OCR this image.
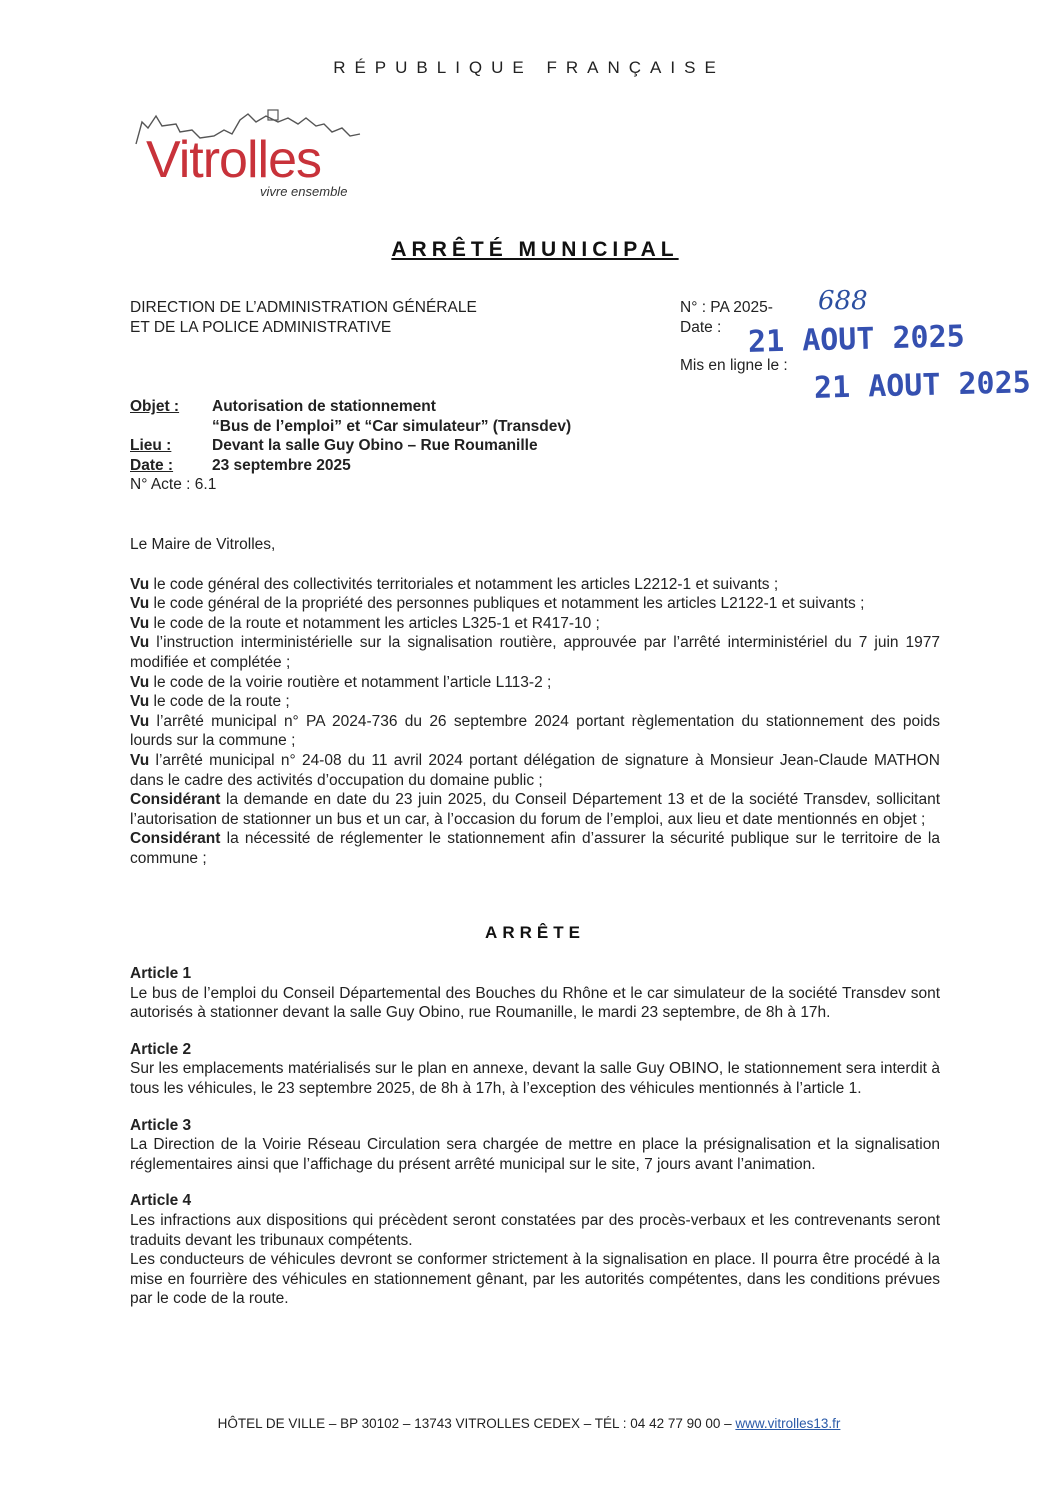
RÉPUBLIQUE FRANÇAISE
Vitrolles
vivre ensemble
ARRÊTÉ MUNICIPAL
DIRECTION DE L’ADMINISTRATION GÉNÉRALE
ET DE LA POLICE ADMINISTRATIVE
N° : PA 2025-
Date :
688
21 AOUT 2025
Mis en ligne le : 21 AOUT 2025
Objet : Autorisation de stationnement
“Bus de l’emploi” et “Car simulateur” (Transdev)
Lieu :	Devant la salle Guy Obino – Rue Roumanille
Date :	23 septembre 2025
N° Acte : 6.1

Le Maire de Vitrolles,

Vu le code général des collectivités territoriales et notamment les articles L2212-1 et suivants ;

Vu le code général de la propriété des personnes publiques et notamment les articles L2122-1 et suivants ;

Vu le code de la route et notamment les articles L325-1 et R417-10 ;

Vu l’instruction interministérielle sur la signalisation routière, approuvée par l’arrêté interministériel du 7 juin 1977 modifiée et complétée ;

Vu le code de la voirie routière et notamment l’article L113-2 ;

Vu le code de la route ;

Vu l’arrêté municipal n° PA 2024-736 du 26 septembre 2024 portant règlementation du stationnement des poids lourds sur la commune ;

Vu l’arrêté municipal n° 24-08 du 11 avril 2024 portant délégation de signature à Monsieur Jean-Claude MATHON dans le cadre des activités d’occupation du domaine public ;

Considérant la demande en date du 23 juin 2025, du Conseil Département 13 et de la société Transdev, sollicitant l’autorisation de stationner un bus et un car, à l’occasion du forum de l’emploi, aux lieu et date mentionnés en objet ;

Considérant la nécessité de réglementer le stationnement afin d’assurer la sécurité publique sur le territoire de la commune ;

ARRÊTE
Article 1

Le bus de l’emploi du Conseil Départemental des Bouches du Rhône et le car simulateur de la société Transdev sont autorisés à stationner devant la salle Guy Obino, rue Roumanille, le mardi 23 septembre, de 8h à 17h.

Article 2

Sur les emplacements matérialisés sur le plan en annexe, devant la salle Guy OBINO, le stationnement sera interdit à tous les véhicules, le 23 septembre 2025, de 8h à 17h, à l’exception des véhicules mentionnés à l’article 1.

Article 3

La Direction de la Voirie Réseau Circulation sera chargée de mettre en place la présignalisation et la signalisation réglementaires ainsi que l’affichage du présent arrêté municipal sur le site, 7 jours avant l’animation.

Article 4

Les infractions aux dispositions qui précèdent seront constatées par des procès-verbaux et les contrevenants seront traduits devant les tribunaux compétents.

Les conducteurs de véhicules devront se conformer strictement à la signalisation en place. Il pourra être procédé à la mise en fourrière des véhicules en stationnement gênant, par les autorités compétentes, dans les conditions prévues par le code de la route.

HÔTEL DE VILLE – BP 30102 – 13743 VITROLLES CEDEX – TÉL : 04 42 77 90 00 – www.vitrolles13.fr
